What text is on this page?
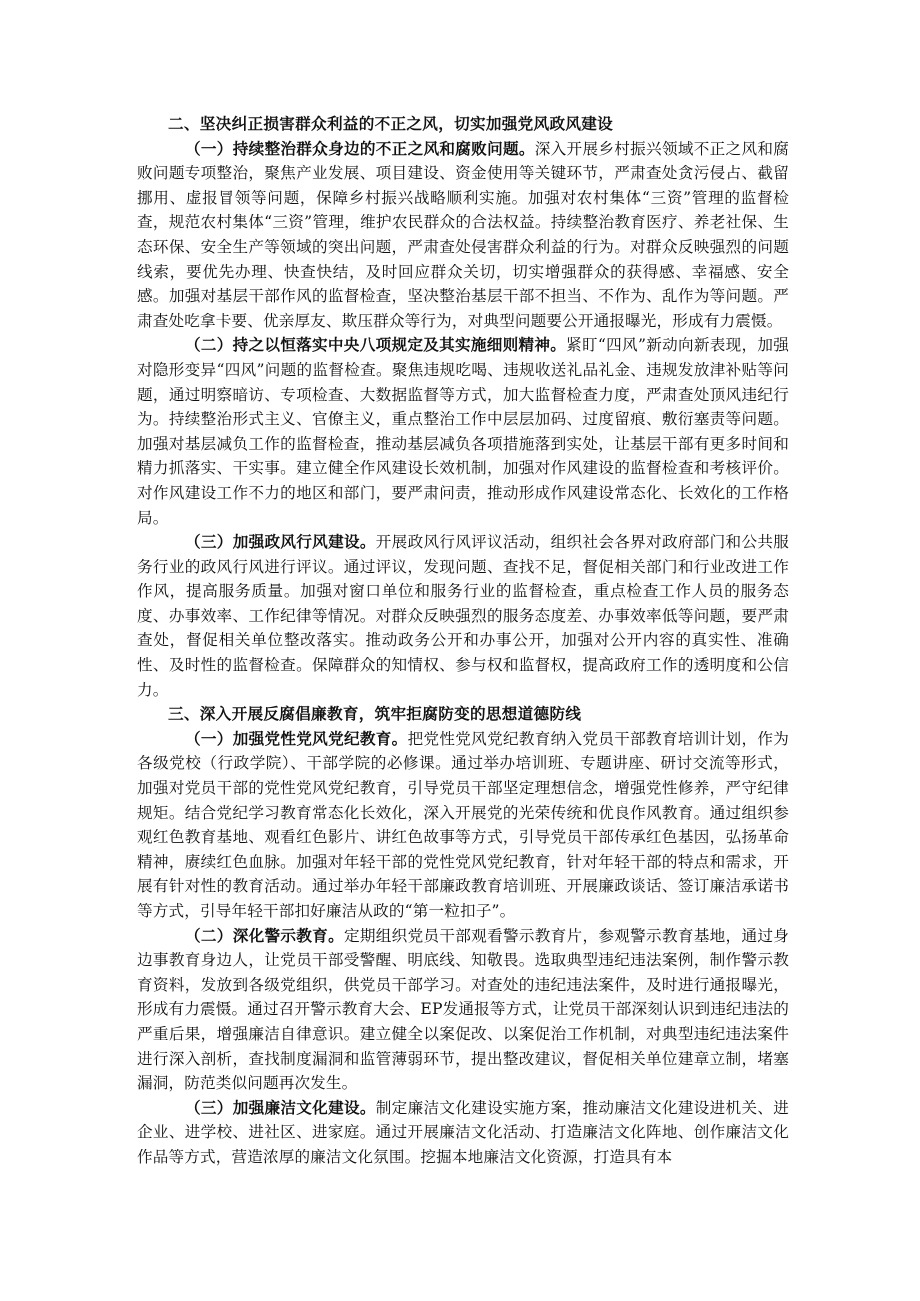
二、坚决纠正损害群众利益的不正之风，切实加强党风政风建设

（一）持续整治群众身边的不正之风和腐败问题。深入开展乡村振兴领域不正之风和腐败问题专项整治，聚焦产业发展、项目建设、资金使用等关键环节，严肃查处贪污侵占、截留挪用、虚报冒领等问题，保障乡村振兴战略顺利实施。加强对农村集体“三资”管理的监督检查，规范农村集体“三资”管理，维护农民群众的合法权益。持续整治教育医疗、养老社保、生态环保、安全生产等领域的突出问题，严肃查处侵害群众利益的行为。对群众反映强烈的问题线索，要优先办理、快查快结，及时回应群众关切，切实增强群众的获得感、幸福感、安全感。加强对基层干部作风的监督检查，坚决整治基层干部不担当、不作为、乱作为等问题。严肃查处吃拿卡要、优亲厚友、欺压群众等行为，对典型问题要公开通报曝光，形成有力震慑。

（二）持之以恒落实中央八项规定及其实施细则精神。紧盯“四风”新动向新表现，加强对隐形变异“四风”问题的监督检查。聚焦违规吃喝、违规收送礼品礼金、违规发放津补贴等问题，通过明察暗访、专项检查、大数据监督等方式，加大监督检查力度，严肃查处顶风违纪行为。持续整治形式主义、官僚主义，重点整治工作中层层加码、过度留痕、敷衍塞责等问题。加强对基层减负工作的监督检查，推动基层减负各项措施落到实处，让基层干部有更多时间和精力抓落实、干实事。建立健全作风建设长效机制，加强对作风建设的监督检查和考核评价。对作风建设工作不力的地区和部门，要严肃问责，推动形成作风建设常态化、长效化的工作格局。

（三）加强政风行风建设。开展政风行风评议活动，组织社会各界对政府部门和公共服务行业的政风行风进行评议。通过评议，发现问题、查找不足，督促相关部门和行业改进工作作风，提高服务质量。加强对窗口单位和服务行业的监督检查，重点检查工作人员的服务态度、办事效率、工作纪律等情况。对群众反映强烈的服务态度差、办事效率低等问题，要严肃查处，督促相关单位整改落实。推动政务公开和办事公开，加强对公开内容的真实性、准确性、及时性的监督检查。保障群众的知情权、参与权和监督权，提高政府工作的透明度和公信力。

三、深入开展反腐倡廉教育，筑牢拒腐防变的思想道德防线

（一）加强党性党风党纪教育。把党性党风党纪教育纳入党员干部教育培训计划，作为各级党校（行政学院）、干部学院的必修课。通过举办培训班、专题讲座、研讨交流等形式，加强对党员干部的党性党风党纪教育，引导党员干部坚定理想信念，增强党性修养，严守纪律规矩。结合党纪学习教育常态化长效化，深入开展党的光荣传统和优良作风教育。通过组织参观红色教育基地、观看红色影片、讲红色故事等方式，引导党员干部传承红色基因，弘扬革命精神，赓续红色血脉。加强对年轻干部的党性党风党纪教育，针对年轻干部的特点和需求，开展有针对性的教育活动。通过举办年轻干部廉政教育培训班、开展廉政谈话、签订廉洁承诺书等方式，引导年轻干部扣好廉洁从政的“第一粒扣子”。

（二）深化警示教育。定期组织党员干部观看警示教育片，参观警示教育基地，通过身边事教育身边人，让党员干部受警醒、明底线、知敬畏。选取典型违纪违法案例，制作警示教育资料，发放到各级党组织，供党员干部学习。对查处的违纪违法案件，及时进行通报曝光，形成有力震慑。通过召开警示教育大会、EP发通报等方式，让党员干部深刻认识到违纪违法的严重后果，增强廉洁自律意识。建立健全以案促改、以案促治工作机制，对典型违纪违法案件进行深入剖析，查找制度漏洞和监管薄弱环节，提出整改建议，督促相关单位建章立制，堵塞漏洞，防范类似问题再次发生。

（三）加强廉洁文化建设。制定廉洁文化建设实施方案，推动廉洁文化建设进机关、进企业、进学校、进社区、进家庭。通过开展廉洁文化活动、打造廉洁文化阵地、创作廉洁文化作品等方式，营造浓厚的廉洁文化氛围。挖掘本地廉洁文化资源，打造具有本
